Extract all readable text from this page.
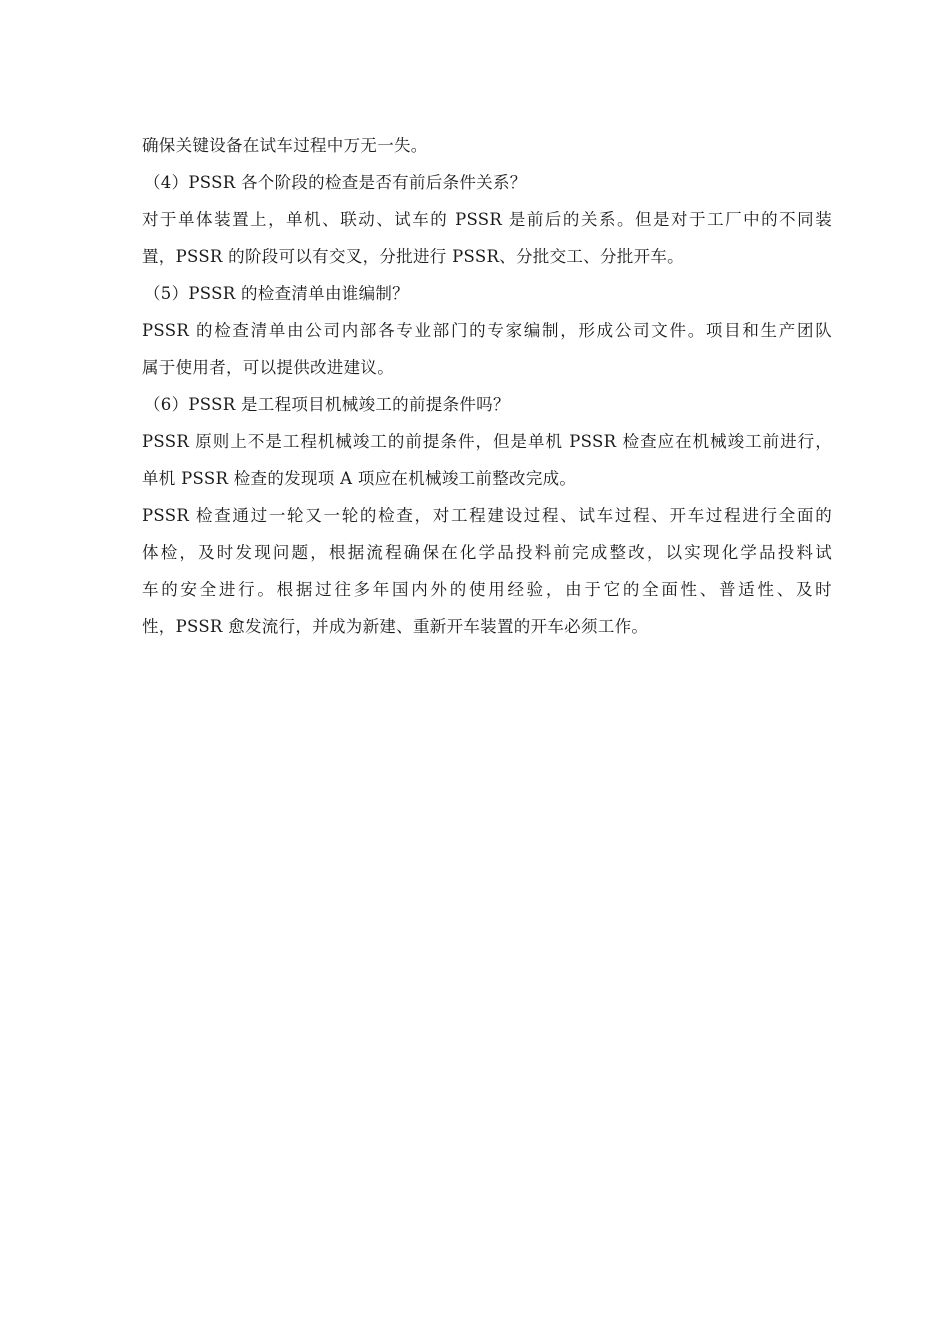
确保关键设备在试车过程中万无一失。
（4）PSSR 各个阶段的检查是否有前后条件关系？
对于单体装置上，单机、联动、试车的 PSSR 是前后的关系。但是对于工厂中的不同装
置，PSSR 的阶段可以有交叉，分批进行 PSSR、分批交工、分批开车。
（5）PSSR 的检查清单由谁编制？
PSSR 的检查清单由公司内部各专业部门的专家编制，形成公司文件。项目和生产团队
属于使用者，可以提供改进建议。
（6）PSSR 是工程项目机械竣工的前提条件吗？
PSSR 原则上不是工程机械竣工的前提条件，但是单机 PSSR 检查应在机械竣工前进行，
单机 PSSR 检查的发现项 A 项应在机械竣工前整改完成。
PSSR 检查通过一轮又一轮的检查，对工程建设过程、试车过程、开车过程进行全面的
体检，及时发现问题，根据流程确保在化学品投料前完成整改，以实现化学品投料试
车的安全进行。根据过往多年国内外的使用经验，由于它的全面性、普适性、及时
性，PSSR 愈发流行，并成为新建、重新开车装置的开车必须工作。
